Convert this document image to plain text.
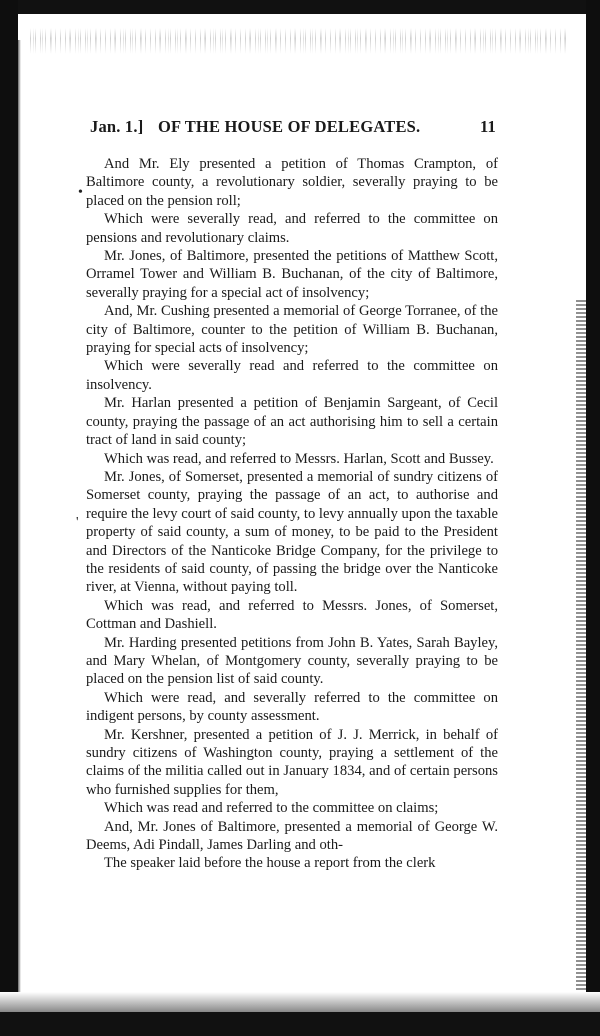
Jan. 1.] OF THE HOUSE OF DELEGATES.	11
•
'

And Mr. Ely presented a petition of Thomas Crampton, of Baltimore county, a revolutionary soldier, severally praying to be placed on the pension roll;

Which were severally read, and referred to the committee on pensions and revolutionary claims.

Mr. Jones, of Baltimore, presented the petitions of Matthew Scott, Orramel Tower and William B. Buchanan, of the city of Baltimore, severally praying for a special act of insolvency;

And, Mr. Cushing presented a memorial of George Torranee, of the city of Baltimore, counter to the petition of William B. Buchanan, praying for special acts of insolvency;

Which were severally read and referred to the committee on insolvency.

Mr. Harlan presented a petition of Benjamin Sargeant, of Cecil county, praying the passage of an act authorising him to sell a certain tract of land in said county;

Which was read, and referred to Messrs. Harlan, Scott and Bussey.

Mr. Jones, of Somerset, presented a memorial of sundry citizens of Somerset county, praying the passage of an act, to authorise and require the levy court of said county, to levy annually upon the taxable property of said county, a sum of money, to be paid to the President and Directors of the Nanticoke Bridge Company, for the privilege to the residents of said county, of passing the bridge over the Nanticoke river, at Vienna, without paying toll.

Which was read, and referred to Messrs. Jones, of Somerset, Cottman and Dashiell.

Mr. Harding presented petitions from John B. Yates, Sarah Bayley, and Mary Whelan, of Montgomery county, severally praying to be placed on the pension list of said county.

Which were read, and severally referred to the committee on indigent persons, by county assessment.

Mr. Kershner, presented a petition of J. J. Merrick, in behalf of sundry citizens of Washington county, praying a settlement of the claims of the militia called out in January 1834, and of certain persons who furnished supplies for them,

Which was read and referred to the committee on claims;

And, Mr. Jones of Baltimore, presented a memorial of George W. Deems, Adi Pindall, James Darling and oth-

The speaker laid before the house a report from the clerk
